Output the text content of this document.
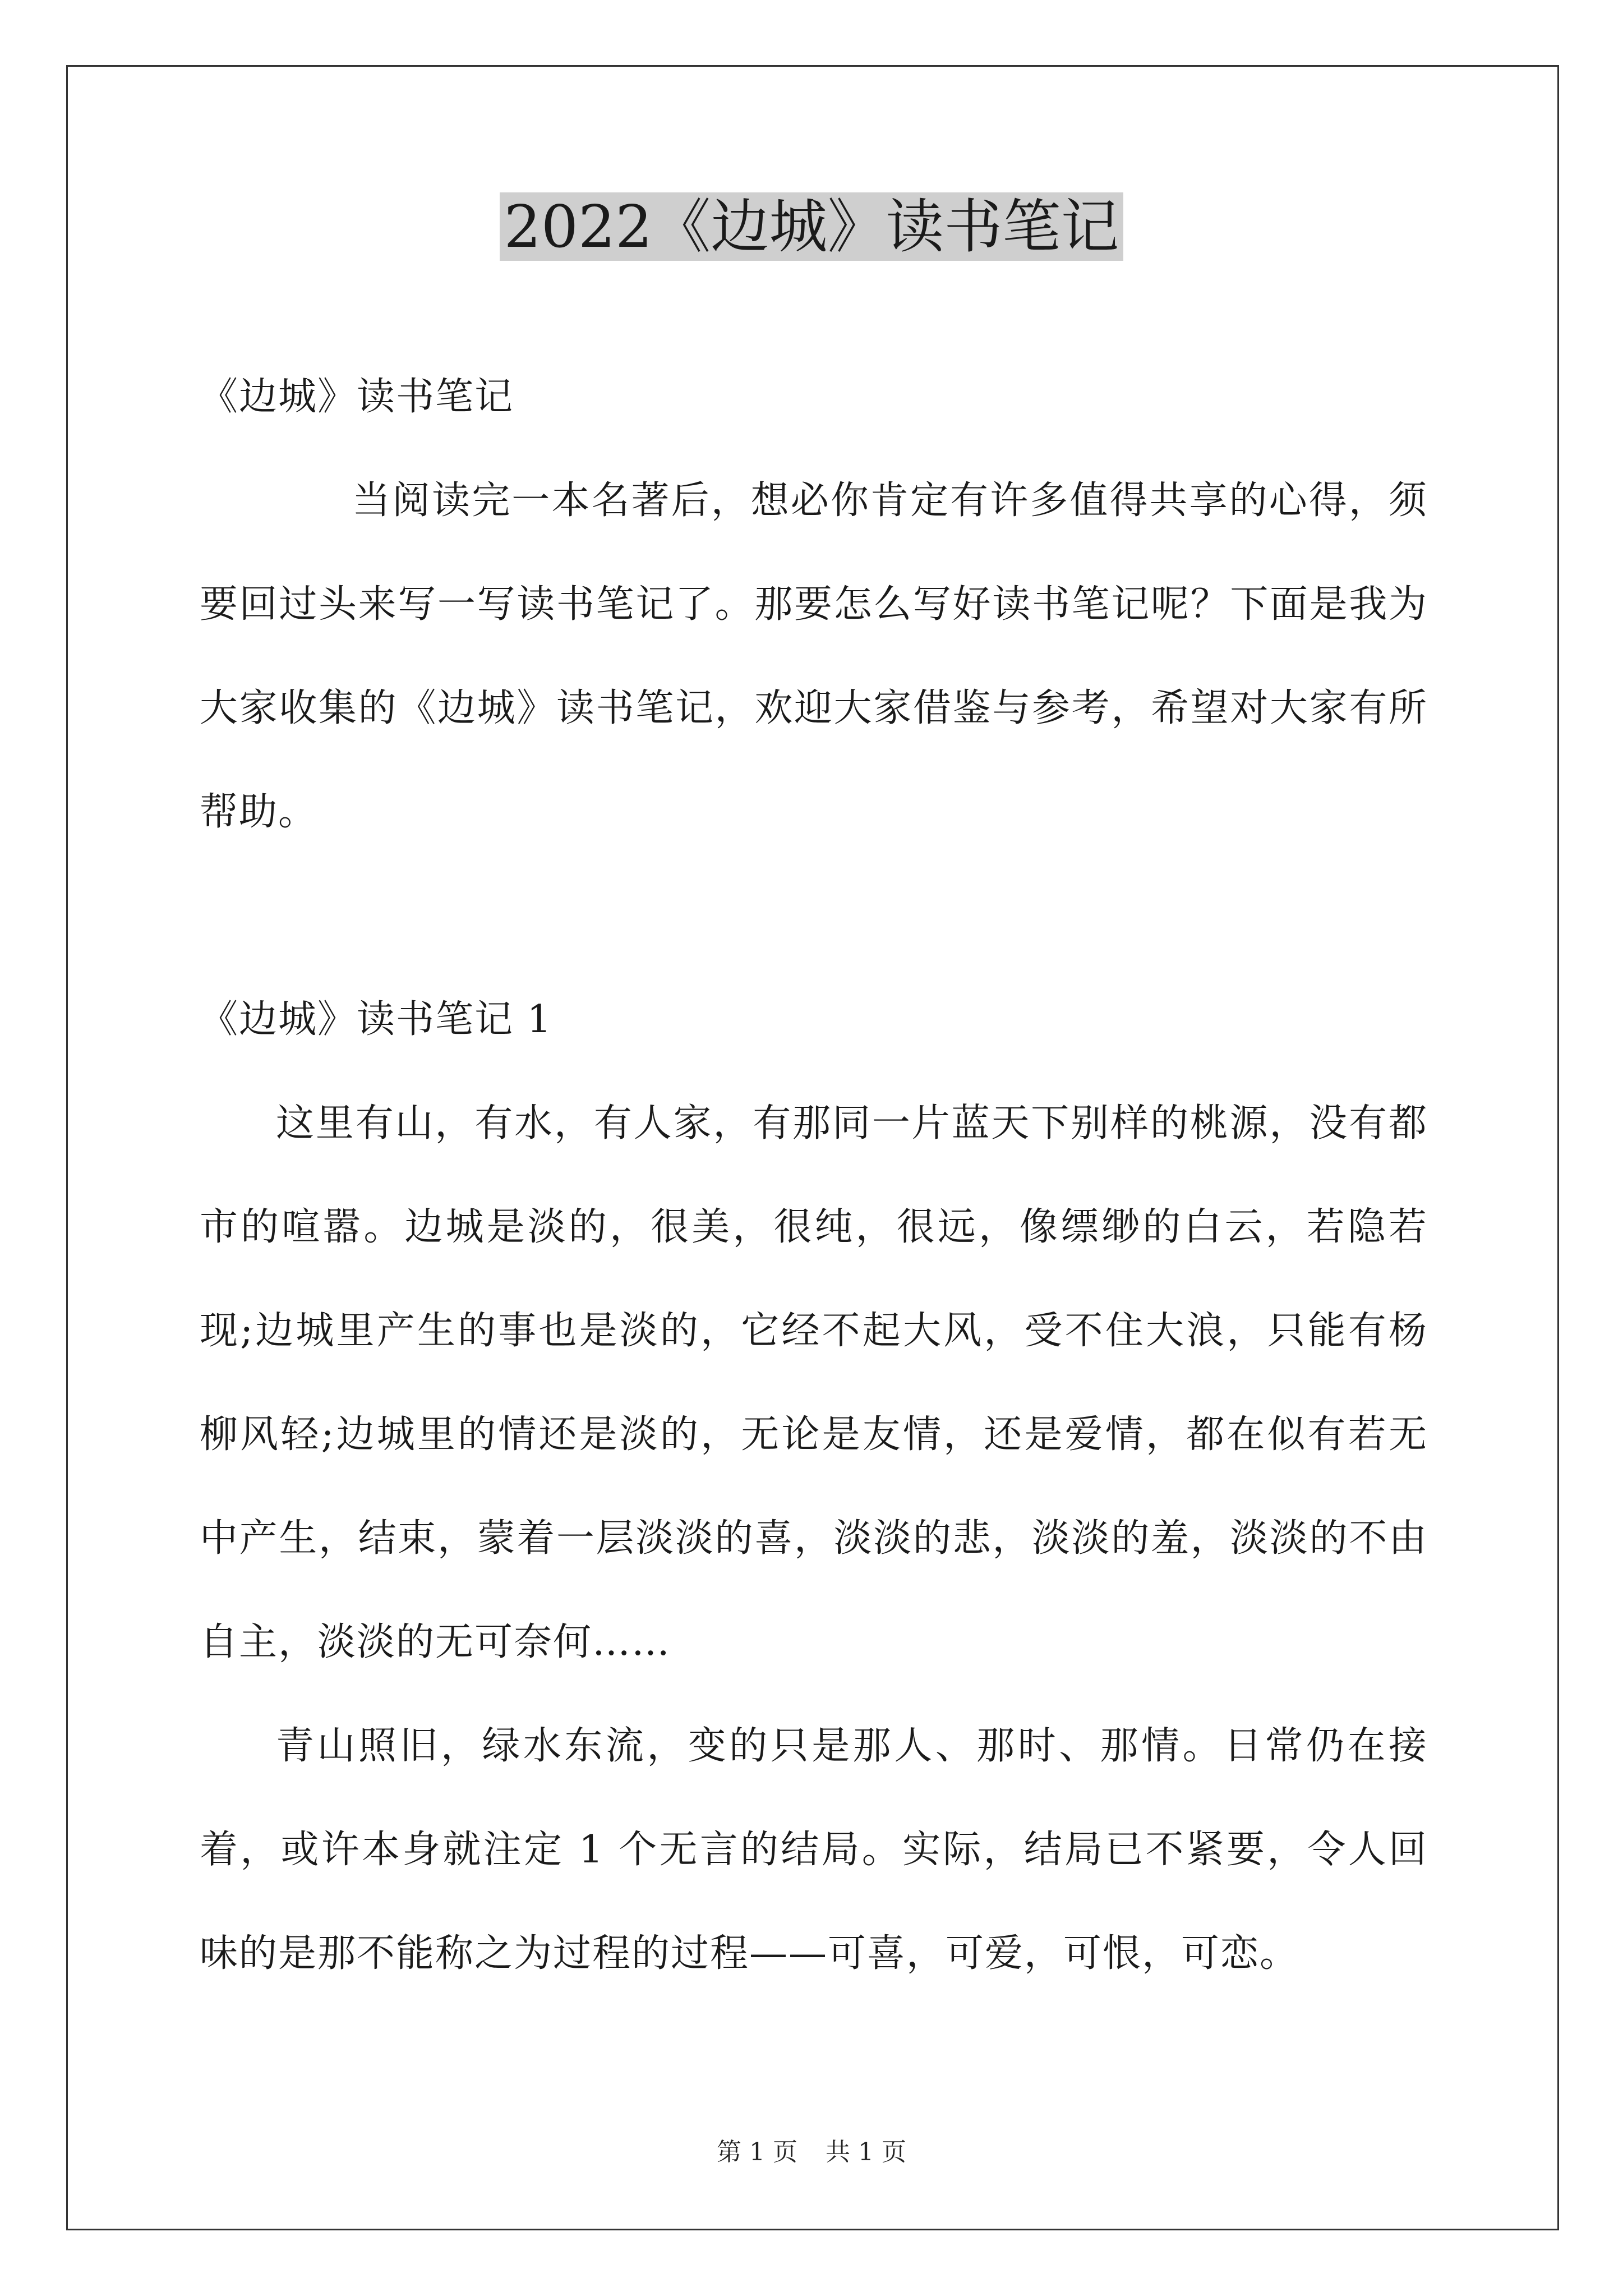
2022《边城》读书笔记

《边城》读书笔记

当阅读完一本名著后，想必你肯定有许多值得共享的心得，须要回过头来写一写读书笔记了。那要怎么写好读书笔记呢？下面是我为大家收集的《边城》读书笔记，欢迎大家借鉴与参考，希望对大家有所帮助。

《边城》读书笔记 1

这里有山，有水，有人家，有那同一片蓝天下别样的桃源，没有都市的喧嚣。边城是淡的，很美，很纯，很远，像缥缈的白云，若隐若现;边城里产生的事也是淡的，它经不起大风，受不住大浪，只能有杨柳风轻;边城里的情还是淡的，无论是友情，还是爱情，都在似有若无中产生，结束，蒙着一层淡淡的喜，淡淡的悲，淡淡的羞，淡淡的不由自主，淡淡的无可奈何……

青山照旧，绿水东流，变的只是那人、那时、那情。日常仍在接着，或许本身就注定 1 个无言的结局。实际，结局已不紧要，令人回味的是那不能称之为过程的过程——可喜，可爱，可恨，可恋。

第 1 页 共 1 页
